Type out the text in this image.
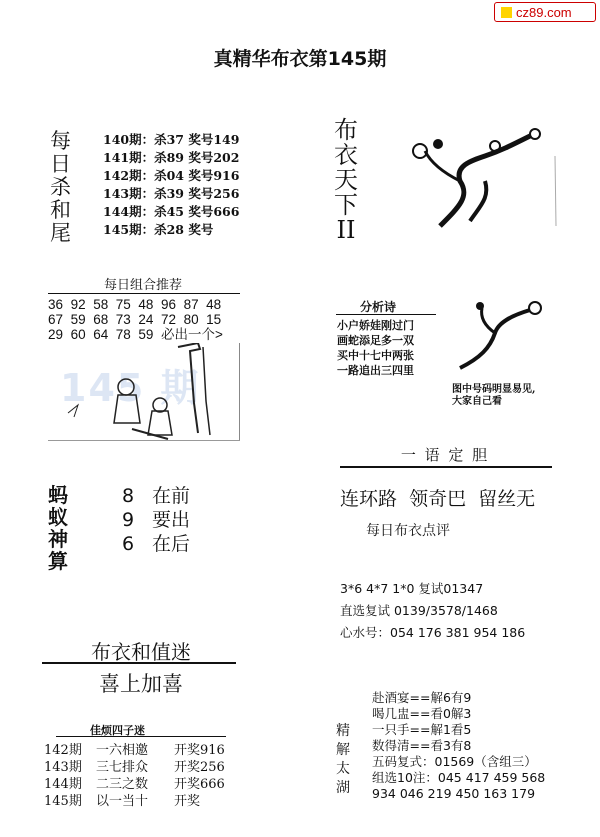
cz89.com
真精华布衣第145期
每
日
杀
和
尾
140期：杀37 奖号149
141期：杀89 奖号202
142期：杀04 奖号916
143期：杀39 奖号256
144期：杀45 奖号666
145期：杀28 奖号
每日组合推荐
36 92 58 75 48 96 87 48
67 59 68 73 24 72 80 15
29 60 64 78 59 必出一个>
145 期
布
衣
天
下
II
分析诗
小户娇娃刚过门
画蛇添足多一双
买中十七中两张
一路追出三四里
图中号码明显易见,
大家自己看
一 语 定 胆
连环路  领奇巴  留丝无
每日布衣点评
蚂
蚁
神
算
8 在前
9 要出
6 在后
3*6 4*7 1*0 复试01347
直选复试 0139/3578/1468
心水号：054 176 381 954 186
布衣和值迷
喜上加喜
佳烦四子迷
142期 一六相邀 开奖916
143期 三七排众 开奖256
144期 二三之数 开奖666
145期 以一当十 开奖
精
解
太
湖
赴酒宴==解6有9
喝几盅==看0解3
一只手==解1看5
数得清==看3有8
五码复式：01569（含组三）
组选10注：045 417 459 568
934 046 219 450 163 179
